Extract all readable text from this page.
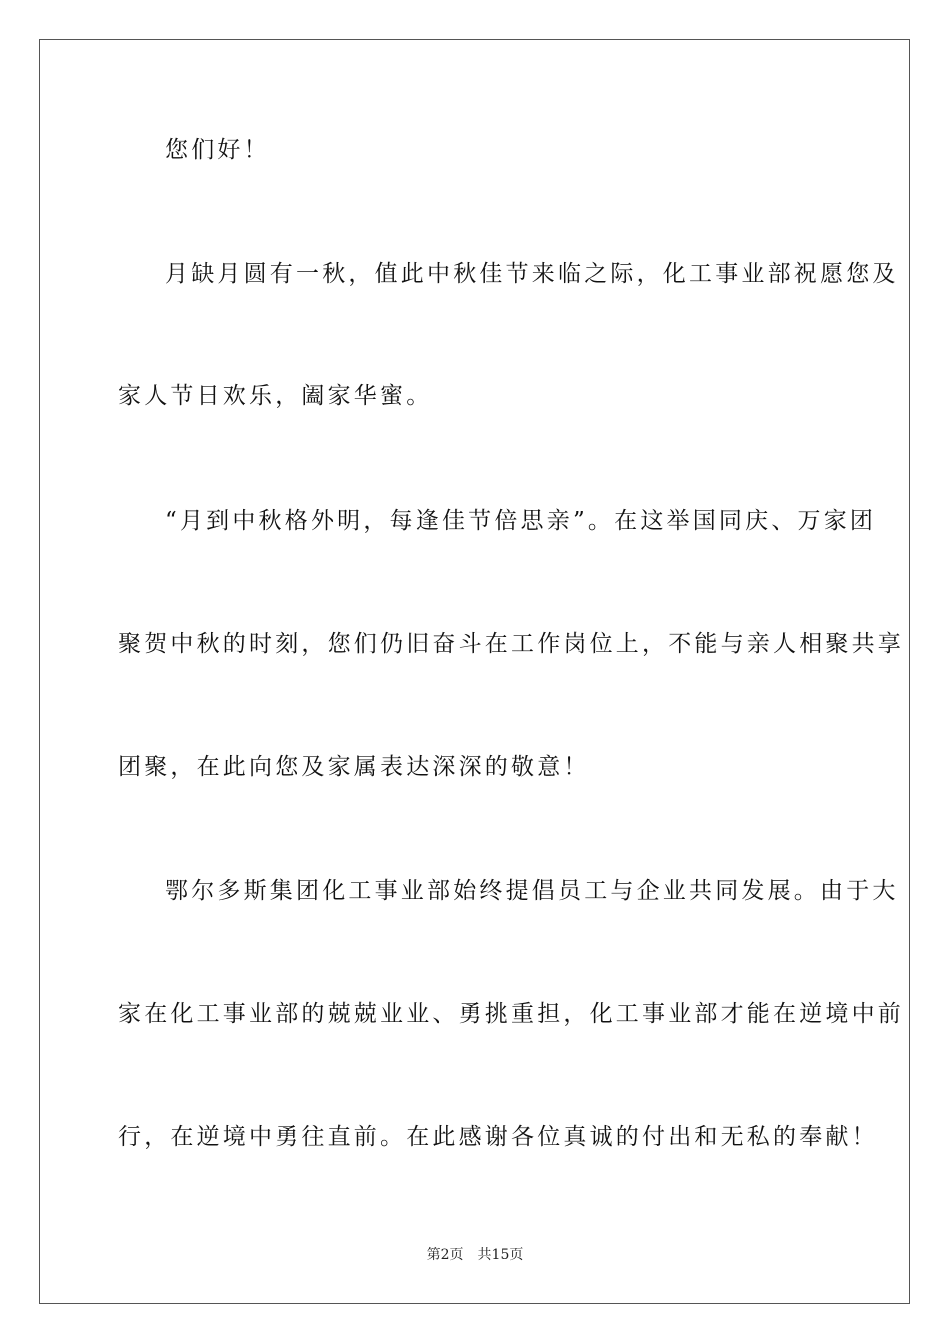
您们好！
月缺月圆有一秋，值此中秋佳节来临之际，化工事业部祝愿您及
家人节日欢乐，阖家华蜜。
“月到中秋格外明，每逢佳节倍思亲”。在这举国同庆、万家团
聚贺中秋的时刻，您们仍旧奋斗在工作岗位上，不能与亲人相聚共享
团聚，在此向您及家属表达深深的敬意！
鄂尔多斯集团化工事业部始终提倡员工与企业共同发展。由于大
家在化工事业部的兢兢业业、勇挑重担，化工事业部才能在逆境中前
行，在逆境中勇往直前。在此感谢各位真诚的付出和无私的奉献！
第2页 共15页
